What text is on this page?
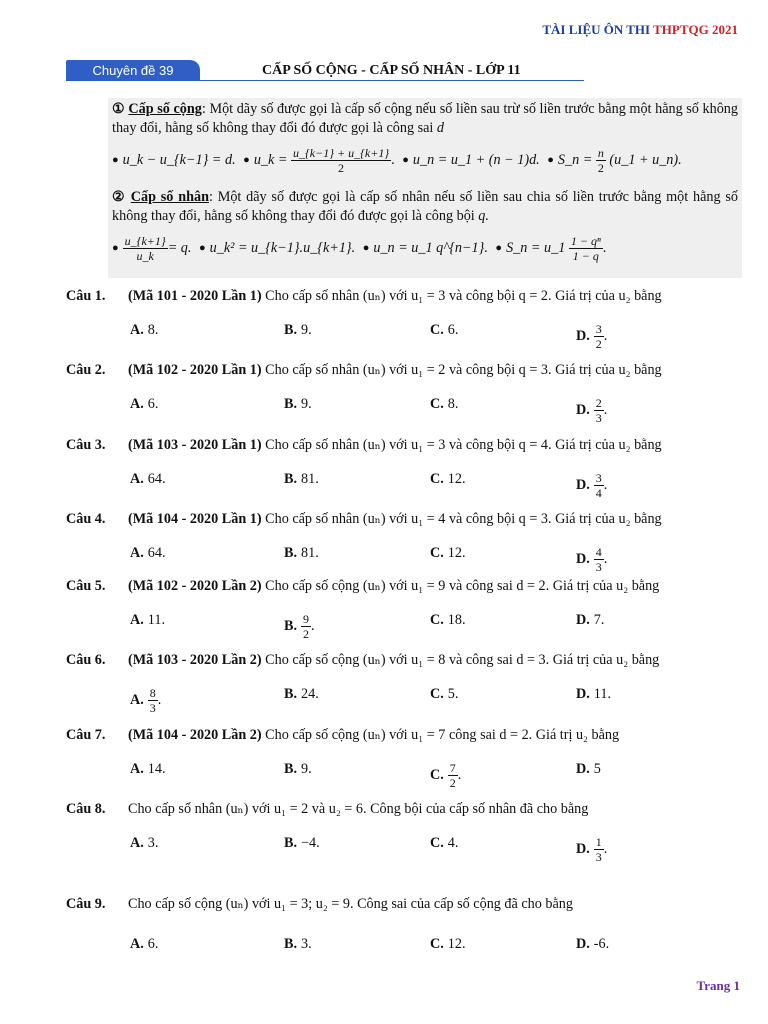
TÀI LIỆU ÔN THI THPTQG 2021
Chuyên đề 39	CẤP SỐ CỘNG - CẤP SỐ NHÂN - LỚP 11
① Cấp số cộng: Một dãy số được gọi là cấp số cộng nếu số liền sau trừ số liền trước bằng một hằng số không thay đổi, hằng số không thay đổi đó được gọi là công sai d
● u_k − u_{k−1} = d. ● u_k = $\frac{u\_\{k-1\} + u\_\{k+1\}}{2}$ . ● u_n = u_1 + (n − 1)d. ● S_n = $\frac{n}{2}$ (u_1 + u_n).
② Cấp số nhân: Một dãy số được gọi là cấp số nhân nếu số liền sau chia số liền trước bằng một hằng số không thay đổi, hằng số không thay đổi đó được gọi là công bội q.
● $\frac{u\_\{k+1\}}{u\_k} = q$. ● u_k² = u_{k−1}.u_{k+1}. ● u_n = u_1 q^{n−1}. ● S_n = u_1 $\frac{\text{1 − qⁿ}}{1 - q}$ .
Câu 1. (Mã 101 - 2020 Lần 1) Cho cấp số nhân (uₙ) với u₁ = 3 và công bội q = 2. Giá trị của u₂ bằng
A. 8.	B. 9.	C. 6.	D. $\frac{3}{2}$ .
Câu 2. (Mã 102 - 2020 Lần 1) Cho cấp số nhân (uₙ) với u₁ = 2 và công bội q = 3. Giá trị của u₂ bằng
A. 6.	B. 9.	C. 8.	D. $\frac{2}{3}$ .
Câu 3. (Mã 103 - 2020 Lần 1) Cho cấp số nhân (uₙ) với u₁ = 3 và công bội q = 4. Giá trị của u₂ bằng
A. 64.	B. 81.	C. 12.	D. $\frac{3}{4}$ .
Câu 4. (Mã 104 - 2020 Lần 1) Cho cấp số nhân (uₙ) với u₁ = 4 và công bội q = 3. Giá trị của u₂ bằng
A. 64.	B. 81.	C. 12.	D. $\frac{4}{3}$ .
Câu 5. (Mã 102 - 2020 Lần 2) Cho cấp số cộng (uₙ) với u₁ = 9 và công sai d = 2. Giá trị của u₂ bằng
A. 11.	B. $\frac{9}{2}$ .	C. 18.	D. 7.
Câu 6. (Mã 103 - 2020 Lần 2) Cho cấp số cộng (uₙ) với u₁ = 8 và công sai d = 3. Giá trị của u₂ bằng
A. $\frac{8}{3}$ .	B. 24.	C. 5.	D. 11.
Câu 7. (Mã 104 - 2020 Lần 2) Cho cấp số cộng (uₙ) với u₁ = 7 công sai d = 2. Giá trị u₂ bằng
A. 14.	B. 9.	C. $\frac{7}{2}$ .	D. 5
Câu 8. Cho cấp số nhân (uₙ) với u₁ = 2 và u₂ = 6. Công bội của cấp số nhân đã cho bằng
A. 3.	B. −4.	C. 4.	D. $\frac{1}{3}$ .
Câu 9. Cho cấp số cộng (uₙ) với u₁ = 3; u₂ = 9. Công sai của cấp số cộng đã cho bằng
A. 6.	B. 3.	C. 12.	D. -6.
Trang 1
